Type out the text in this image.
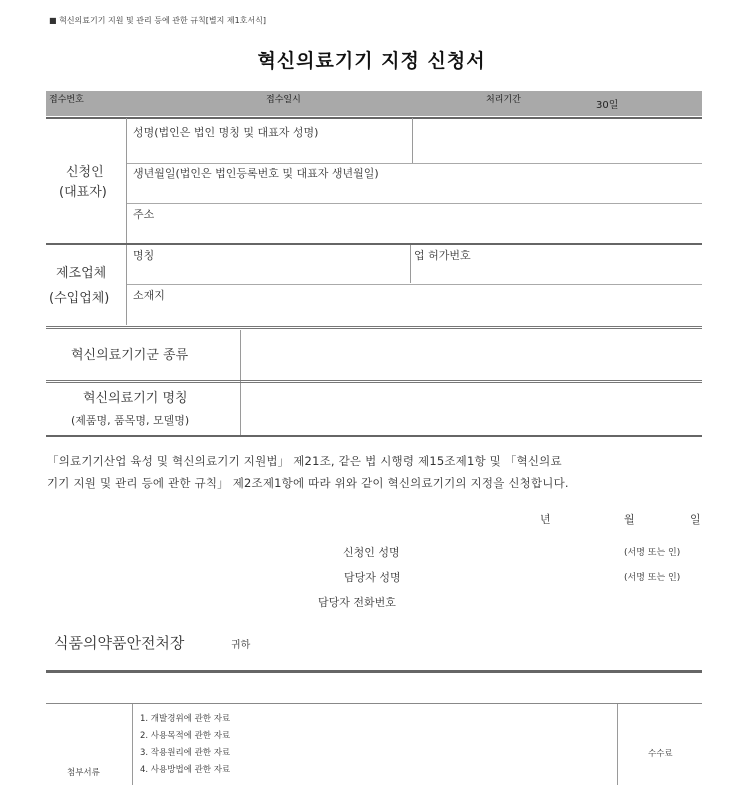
■ 혁신의료기기 지원 및 관리 등에 관한 규칙[별지 제1호서식]
혁신의료기기 지정 신청서
접수번호	접수일시	처리기간	30일
신청인
(대표자)
성명(법인은 법인 명칭 및 대표자 성명)
생년월일(법인은 법인등록번호 및 대표자 생년월일)
주소
제조업체
(수입업체)
명칭	업 허가번호
소재지
혁신의료기기군 종류
혁신의료기기 명칭
(제품명, 품목명, 모델명)
「의료기기산업 육성 및 혁신의료기기 지원법」 제21조, 같은 법 시행령 제15조제1항 및 「혁신의료
기기 지원 및 관리 등에 관한 규칙」 제2조제1항에 따라 위와 같이 혁신의료기기의 지정을 신청합니다.
년	월	일
신청인 성명	(서명 또는 인)
담당자 성명	(서명 또는 인)
담당자 전화번호
식품의약품안전처장	귀하
첨부서류
1. 개발경위에 관한 자료
2. 사용목적에 관한 자료
3. 작용원리에 관한 자료
4. 사용방법에 관한 자료
수수료
